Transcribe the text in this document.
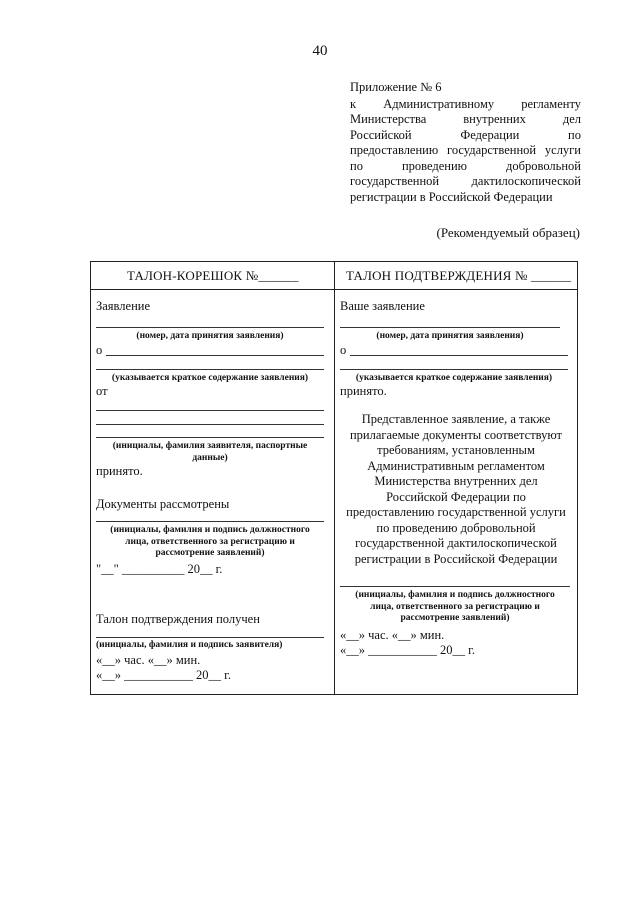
40
Приложение № 6
к Административному регламенту
Министерства внутренних дел
Российской Федерации по
предоставлению государственной услуги
по проведению добровольной
государственной дактилоскопической
регистрации в Российской Федерации
(Рекомендуемый образец)
ТАЛОН-КОРЕШОК №______	ТАЛОН ПОДТВЕРЖДЕНИЯ № ______
Заявление
(номер, дата принятия заявления)
о
(указывается краткое содержание заявления)
от
(инициалы, фамилия заявителя, паспортные
данные)
принято.
Документы рассмотрены
(инициалы, фамилия и подпись должностного
лица, ответственного за регистрацию и
рассмотрение заявлений)
"__" __________ 20__ г.
Талон подтверждения получен
(инициалы, фамилия и подпись заявителя)
«__» час. «__» мин.
«__» ___________ 20__ г.
Ваше заявление
(номер, дата принятия заявления)
о
(указывается краткое содержание заявления)
принято.
Представленное заявление, а также
прилагаемые документы соответствуют
требованиям, установленным
Административным регламентом
Министерства внутренних дел
Российской Федерации по
предоставлению государственной услуги
по проведению добровольной
государственной дактилоскопической
регистрации в Российской Федерации
(инициалы, фамилия и подпись должностного
лица, ответственного за регистрацию и
рассмотрение заявлений)
«__» час. «__» мин.
«__» ___________ 20__ г.
